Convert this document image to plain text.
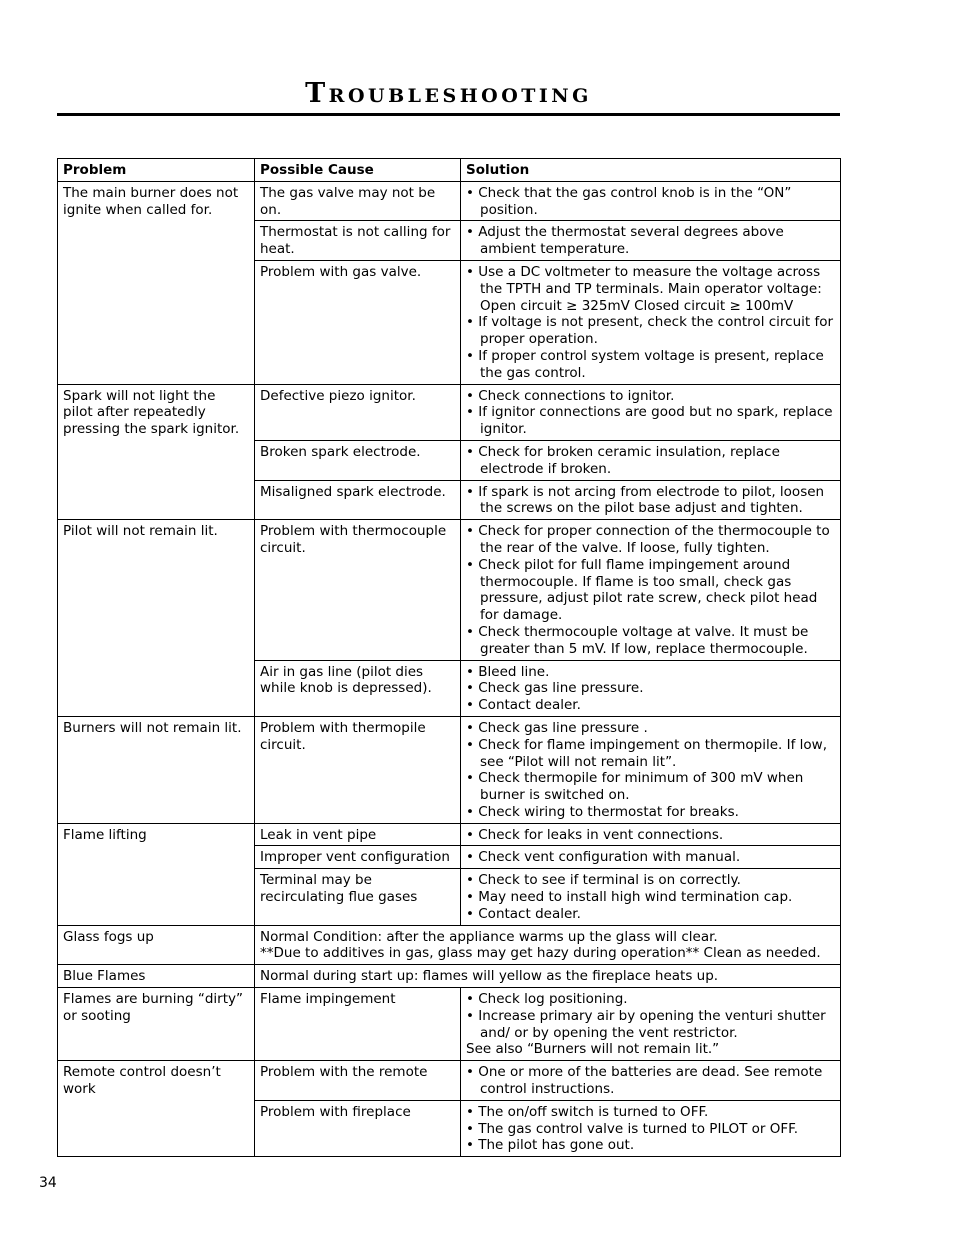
Troubleshooting
Problem	Possible Cause	Solution
The main burner does not ignite when called for.	The gas valve may not be on.	• Check that the gas control knob is in the “ON” position.

	Thermostat is not calling for heat.	• Adjust the thermostat several degrees above ambient temperature.

	Problem with gas valve.	• Use a DC voltmeter to measure the voltage across the TPTH and TP terminals. Main operator voltage: Open circuit ≥ 325mV Closed circuit ≥ 100mV
• If voltage is not present, check the control circuit for proper operation.
• If proper control system voltage is present, replace the gas control.

Spark will not light the pilot after repeatedly pressing the spark ignitor.	Defective piezo ignitor.	• Check connections to ignitor.
• If ignitor connections are good but no spark, replace ignitor.

	Broken spark electrode.	• Check for broken ceramic insulation, replace electrode if broken.

	Misaligned spark electrode.	• If spark is not arcing from electrode to pilot, loosen the screws on the pilot base adjust and tighten.

Pilot will not remain lit.	Problem with thermocouple circuit.	• Check for proper connection of the thermocouple to the rear of the valve. If loose, fully tighten.
• Check pilot for full flame impingement around thermocouple. If flame is too small, check gas pressure, adjust pilot rate screw, check pilot head for damage.
• Check thermocouple voltage at valve. It must be greater than 5 mV. If low, replace thermocouple.

	Air in gas line (pilot dies while knob is depressed).	• Bleed line.
• Check gas line pressure.
• Contact dealer.

Burners will not remain lit.	Problem with thermopile circuit.	• Check gas line pressure .
• Check for flame impingement on thermopile. If low, see “Pilot will not remain lit”.
• Check thermopile for minimum of 300 mV when burner is switched on.
• Check wiring to thermostat for breaks.

Flame lifting	Leak in vent pipe	• Check for leaks in vent connections.

	Improper vent configuration	• Check vent configuration with manual.

	Terminal may be recirculating flue gases	• Check to see if terminal is on correctly.
• May need to install high wind termination cap.
• Contact dealer.

Glass fogs up	Normal Condition: after the appliance warms up the glass will clear.
**Due to additives in gas, glass may get hazy during operation** Clean as needed.	

Blue Flames	Normal during start up: flames will yellow as the fireplace heats up.	

Flames are burning “dirty” or sooting	Flame impingement	• Check log positioning.
• Increase primary air by opening the venturi shutter and/ or by opening the vent restrictor.
See also “Burners will not remain lit.”

Remote control doesn’t work	Problem with the remote	• One or more of the batteries are dead. See remote control instructions.

	Problem with fireplace	• The on/off switch is turned to OFF.
• The gas control valve is turned to PILOT or OFF.
• The pilot has gone out.
34
